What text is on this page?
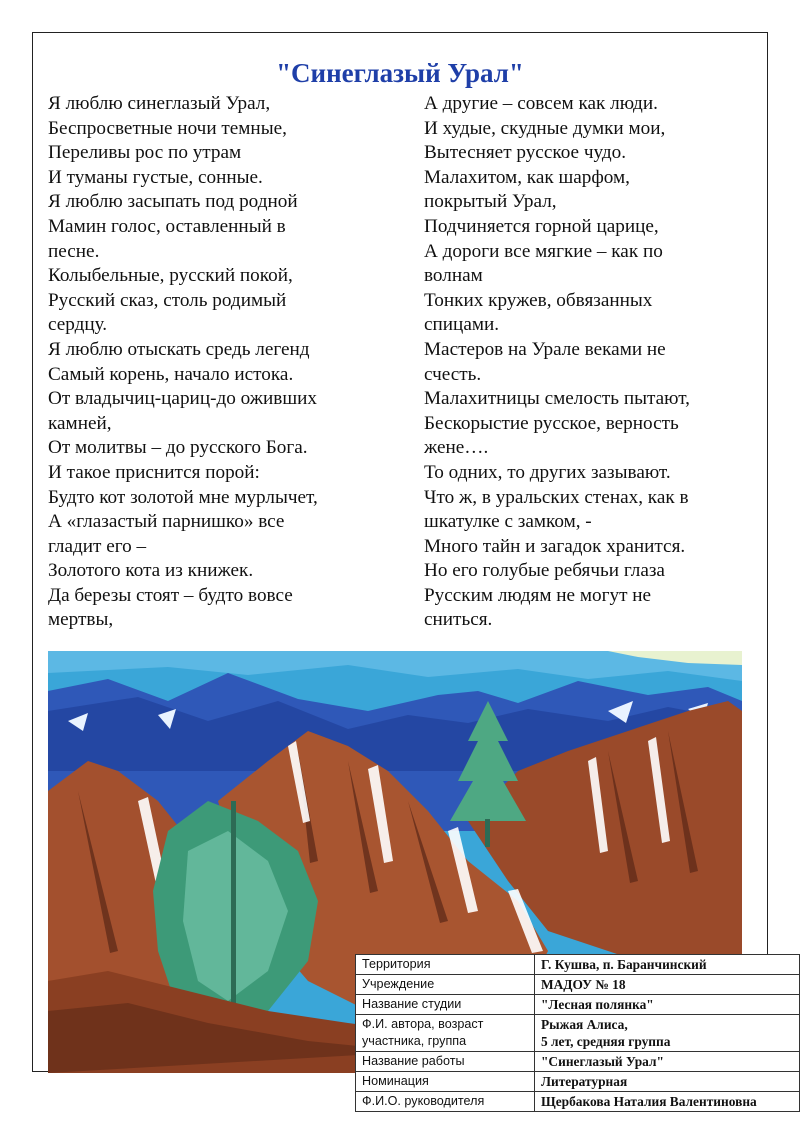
"Синеглазый Урал"
Я люблю синеглазый Урал,
Беспросветные ночи темные,
Переливы рос по утрам
И туманы густые, сонные.
Я люблю засыпать под родной
Мамин голос, оставленный в
песне.
Колыбельные, русский покой,
Русский сказ, столь родимый
сердцу.
Я люблю отыскать средь легенд
Самый корень, начало истока.
От владычиц-цариц-до оживших
камней,
От молитвы – до русского Бога.
И такое приснится порой:
Будто кот золотой мне мурлычет,
А «глазастый парнишко» все
гладит его –
Золотого кота из книжек.
Да березы стоят – будто вовсе
мертвы,
А другие – совсем как люди.
И худые, скудные думки мои,
Вытесняет русское чудо.
Малахитом, как шарфом,
покрытый Урал,
Подчиняется горной царице,
А дороги все мягкие – как по
волнам
Тонких кружев, обвязанных
спицами.
Мастеров на Урале веками не
счесть.
Малахитницы смелость пытают,
Бескорыстие русское, верность
жене….
То одних, то других зазывают.
Что ж, в уральских стенах, как в
шкатулке с замком, -
Много тайн и загадок хранится.
Но его голубые ребячьи глаза
Русским людям не могут не
сниться.
Территория	Г. Кушва, п. Баранчинский
Учреждение	МАДОУ № 18
Название студии	"Лесная полянка"
Ф.И. автора, возраст
участника, группа	Рыжая Алиса,
5 лет, средняя группа
Название работы	"Синеглазый Урал"
Номинация	Литературная
Ф.И.О. руководителя	Щербакова Наталия Валентиновна
